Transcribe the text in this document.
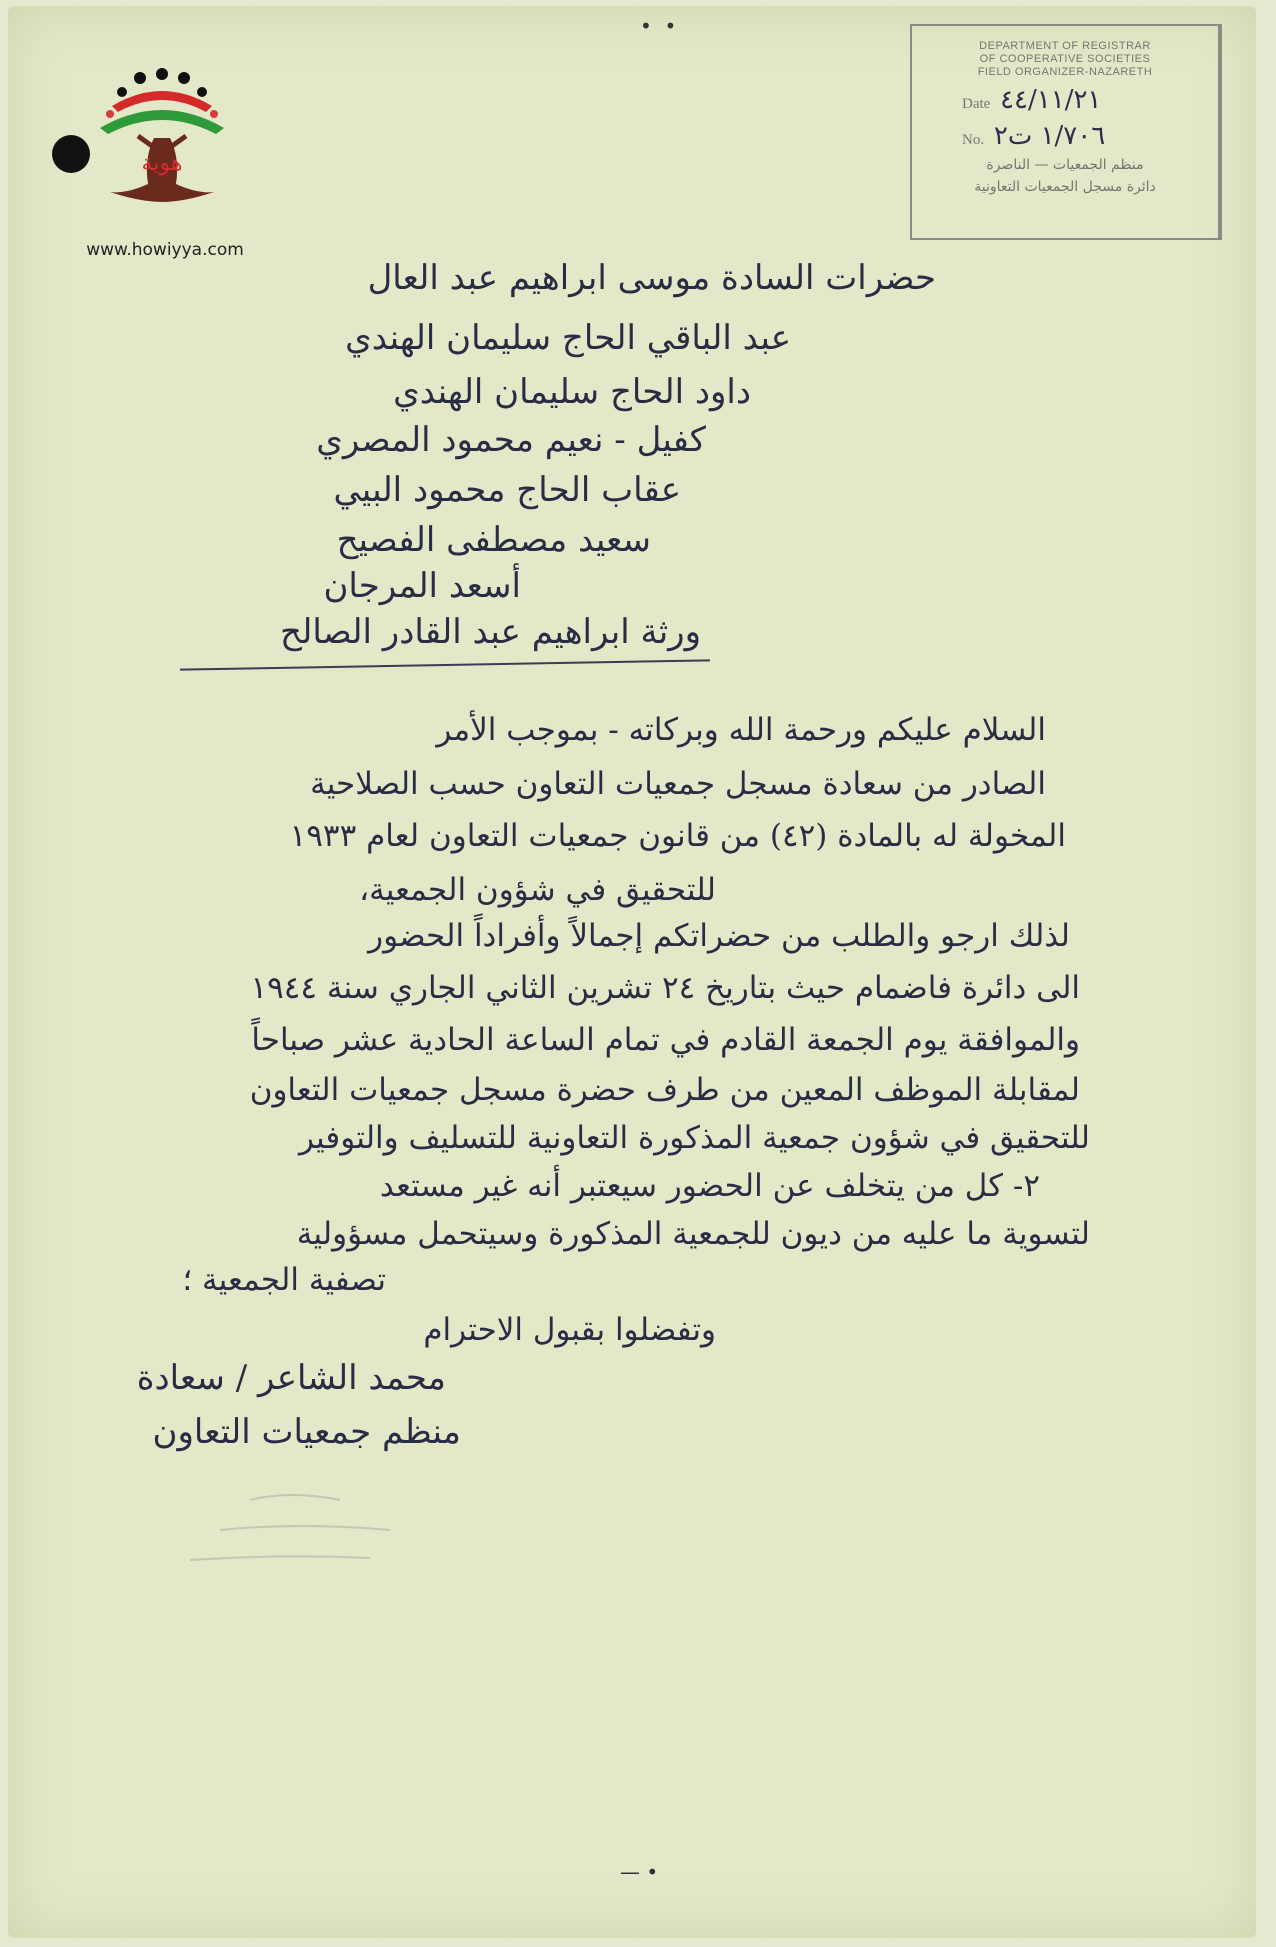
•  •
— •
هوية
www.howiyya.com
DEPARTMENT OF REGISTRAR
OF COOPERATIVE SOCIETIES
FIELD ORGANIZER-NAZARETH
Date ٤٤/١١/٢١
No. ١/٧٠٦ ت٢
منظم الجمعيات — الناصرة
دائرة مسجل الجمعيات التعاونية
حضرات السادة موسى ابراهيم عبد العال
عبد الباقي الحاج سليمان الهندي
داود الحاج سليمان الهندي
كفيل - نعيم محمود المصري
عقاب الحاج محمود البيي
سعيد مصطفى الفصيح
أسعد المرجان
ورثة ابراهيم عبد القادر الصالح
السلام عليكم ورحمة الله وبركاته - بموجب الأمر
الصادر من سعادة مسجل جمعيات التعاون حسب الصلاحية
المخولة له بالمادة (٤٢) من قانون جمعيات التعاون لعام ١٩٣٣
للتحقيق في شؤون الجمعية،
لذلك ارجو والطلب من حضراتكم إجمالاً وأفراداً الحضور
الى دائرة فاضمام حيث بتاريخ ٢٤ تشرين الثاني الجاري سنة ١٩٤٤
والموافقة يوم الجمعة القادم في تمام الساعة الحادية عشر صباحاً
لمقابلة الموظف المعين من طرف حضرة مسجل جمعيات التعاون
للتحقيق في شؤون جمعية المذكورة التعاونية للتسليف والتوفير
٢- كل من يتخلف عن الحضور سيعتبر أنه غير مستعد
لتسوية ما عليه من ديون للجمعية المذكورة وسيتحمل مسؤولية
تصفية الجمعية ؛
وتفضلوا بقبول الاحترام
محمد الشاعر / سعادة
منظم جمعيات التعاون
